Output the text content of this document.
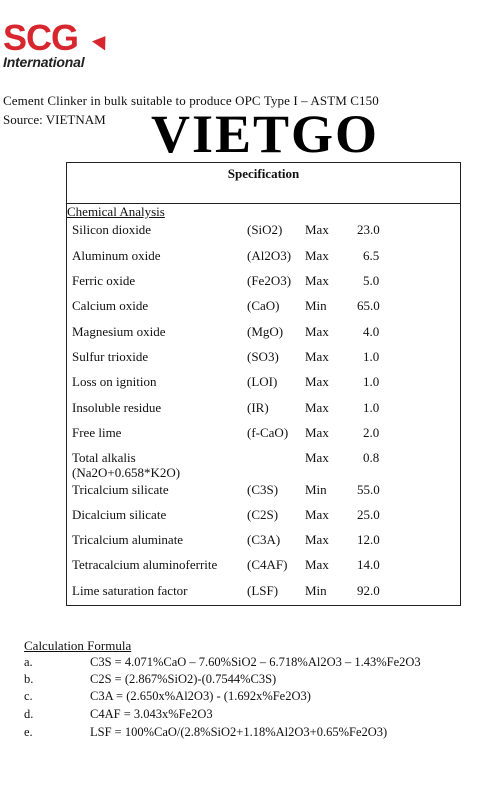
SCG
International
Cement Clinker in bulk suitable to produce OPC Type I – ASTM C150
Source: VIETNAM VIETGO
Specification
Chemical Analysis
Silicon dioxide	(SiO2) Max 23.0
Aluminum oxide	(Al2O3) Max	6.5
Ferric oxide	(Fe2O3) Max	5.0
Calcium oxide	(CaO) Min 65.0
Magnesium oxide	(MgO) Max	4.0
Sulfur trioxide	(SO3) Max	1.0
Loss on ignition	(LOI) Max	1.0
Insoluble residue	(IR)	Max	1.0
Free lime	(f-CaO) Max	2.0
Total alkalis
(Na2O+0.658*K2O)
Max	0.8
Tricalcium silicate	(C3S) Min 55.0
Dicalcium silicate	(C2S) Max 25.0
Tricalcium aluminate	(C3A) Max 12.0
Tetracalcium aluminoferrite (C4AF) Max 14.0
Lime saturation factor	(LSF) Min 92.0
Calculation Formula
a.	C3S = 4.071%CaO – 7.60%SiO2 – 6.718%Al2O3 – 1.43%Fe2O3
b.	C2S = (2.867%SiO2)-(0.7544%C3S)
c.	C3A = (2.650x%Al2O3) - (1.692x%Fe2O3)
d.	C4AF = 3.043x%Fe2O3
e.	LSF = 100%CaO/(2.8%SiO2+1.18%Al2O3+0.65%Fe2O3)
